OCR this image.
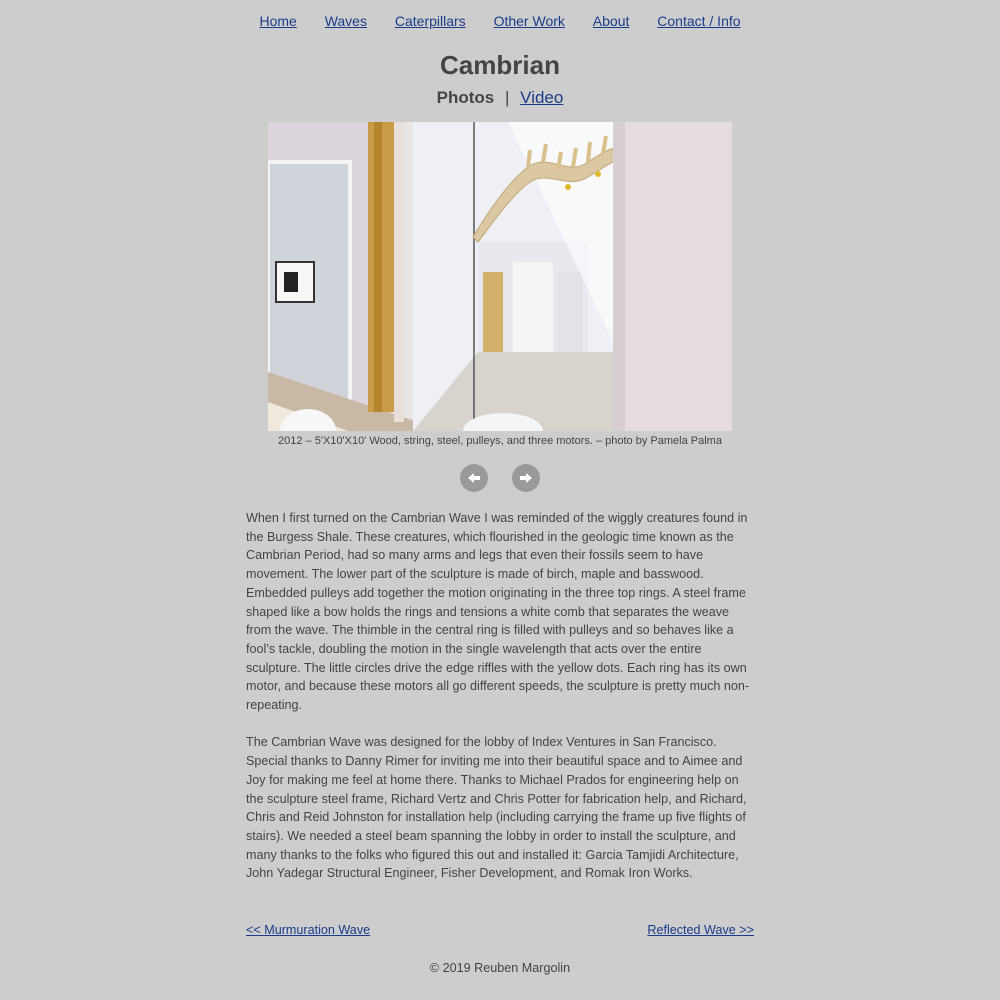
Home Waves Caterpillars Other Work About Contact / Info
Cambrian
Photos | Video
2012 – 5'X10'X10' Wood, string, steel, pulleys, and three motors. – photo by Pamela Palma

When I first turned on the Cambrian Wave I was reminded of the wiggly creatures found in the Burgess Shale. These creatures, which flourished in the geologic time known as the Cambrian Period, had so many arms and legs that even their fossils seem to have movement. The lower part of the sculpture is made of birch, maple and basswood. Embedded pulleys add together the motion originating in the three top rings. A steel frame shaped like a bow holds the rings and tensions a white comb that separates the weave from the wave. The thimble in the central ring is filled with pulleys and so behaves like a fool’s tackle, doubling the motion in the single wavelength that acts over the entire sculpture. The little circles drive the edge riffles with the yellow dots. Each ring has its own motor, and because these motors all go different speeds, the sculpture is pretty much non-repeating.

The Cambrian Wave was designed for the lobby of Index Ventures in San Francisco. Special thanks to Danny Rimer for inviting me into their beautiful space and to Aimee and Joy for making me feel at home there. Thanks to Michael Prados for engineering help on the sculpture steel frame, Richard Vertz and Chris Potter for fabrication help, and Richard, Chris and Reid Johnston for installation help (including carrying the frame up five flights of stairs). We needed a steel beam spanning the lobby in order to install the sculpture, and many thanks to the folks who figured this out and installed it: Garcia Tamjidi Architecture, John Yadegar Structural Engineer, Fisher Development, and Romak Iron Works.

<< Murmuration Wave	Reflected Wave >>
© 2019 Reuben Margolin
